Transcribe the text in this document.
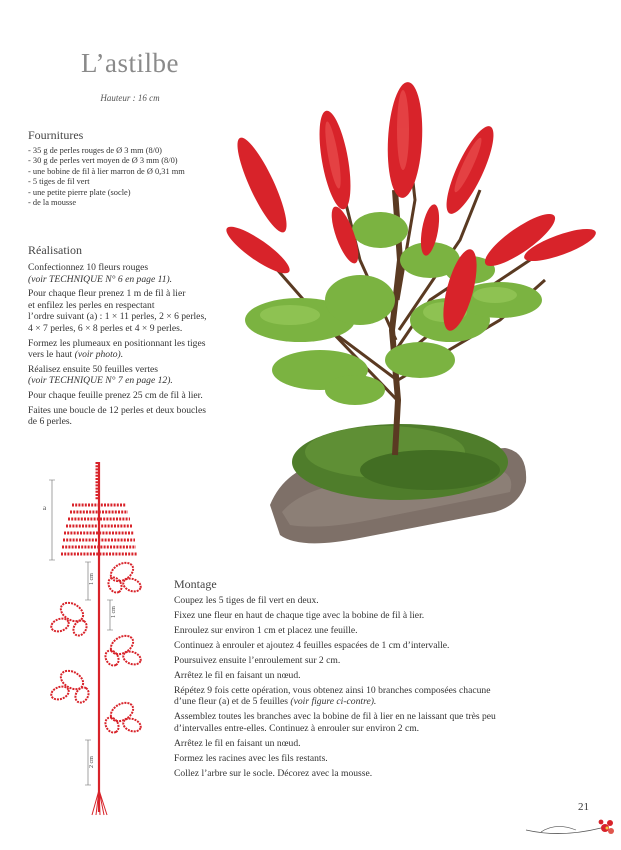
L’astilbe
Hauteur : 16 cm
Fournitures
- 35 g de perles rouges de Ø 3 mm (8/0)
- 30 g de perles vert moyen de Ø 3 mm (8/0)
- une bobine de fil à lier marron de Ø 0,31 mm
- 5 tiges de fil vert
- une petite pierre plate (socle)
- de la mousse
Réalisation

Confectionnez 10 fleurs rouges
(voir TECHNIQUE N° 6 en page 11).

Pour chaque fleur prenez 1 m de fil à lier
et enfilez les perles en respectant
l’ordre suivant (a) : 1 × 11 perles, 2 × 6 perles,
4 × 7 perles, 6 × 8 perles et 4 × 9 perles.

Formez les plumeaux en positionnant les tiges
vers le haut (voir photo).

Réalisez ensuite 50 feuilles vertes
(voir TECHNIQUE N° 7 en page 12).

Pour chaque feuille prenez 25 cm de fil à lier.

Faites une boucle de 12 perles et deux boucles
de 6 perles.

a
1 cm
1 cm
2 cm
Montage

Coupez les 5 tiges de fil vert en deux.

Fixez une fleur en haut de chaque tige avec la bobine de fil à lier.

Enroulez sur environ 1 cm et placez une feuille.

Continuez à enrouler et ajoutez 4 feuilles espacées de 1 cm d’intervalle.

Poursuivez ensuite l’enroulement sur 2 cm.

Arrêtez le fil en faisant un nœud.

Répétez 9 fois cette opération, vous obtenez ainsi 10 branches composées chacune

d’une fleur (a) et de 5 feuilles (voir figure ci-contre).

Assemblez toutes les branches avec la bobine de fil à lier en ne laissant que très peu

d’intervalles entre-elles. Continuez à enrouler sur environ 2 cm.

Arrêtez le fil en faisant un nœud.

Formez les racines avec les fils restants.

Collez l’arbre sur le socle. Décorez avec la mousse.

21
